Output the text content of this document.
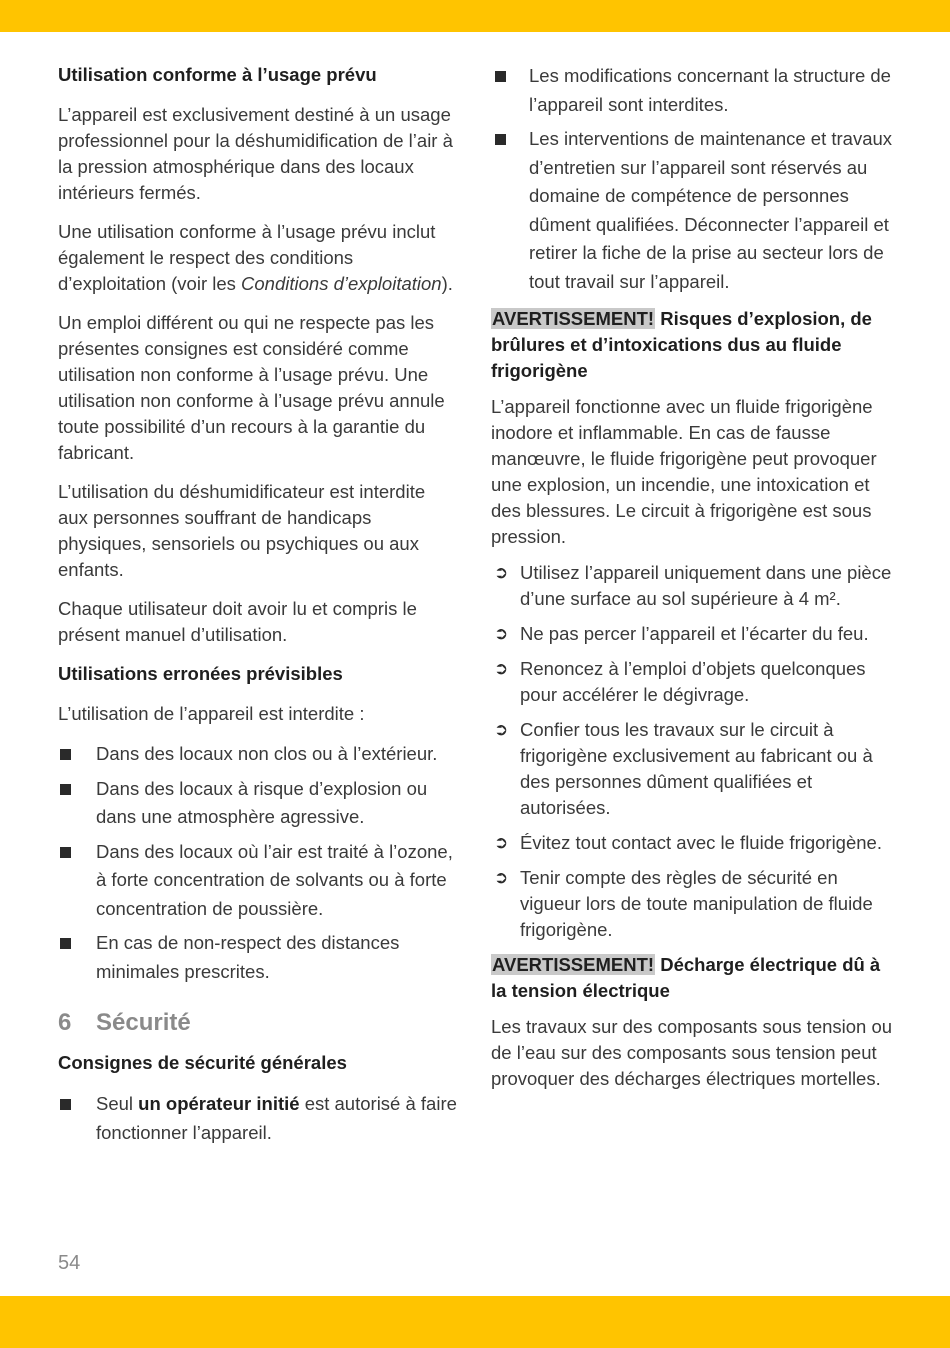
Utilisation conforme à l’usage prévu

L’appareil est exclusivement destiné à un usage professionnel pour la déshumidification de l’air à la pression atmosphérique dans des locaux intérieurs fermés.

Une utilisation conforme à l’usage prévu inclut également le respect des conditions d’exploitation (voir les Conditions d’exploitation).

Un emploi différent ou qui ne respecte pas les présentes consignes est considéré comme utilisation non conforme à l’usage prévu. Une utilisation non conforme à l’usage prévu annule toute possibilité d’un recours à la garantie du fabricant.

L’utilisation du déshumidificateur est interdite aux personnes souffrant de handicaps physiques, sensoriels ou psychiques ou aux enfants.

Chaque utilisateur doit avoir lu et compris le présent manuel d’utilisation.

Utilisations erronées prévisibles

L’utilisation de l’appareil est interdite :

Dans des locaux non clos ou à l’extérieur.
Dans des locaux à risque d’explosion ou dans une atmosphère agressive.
Dans des locaux où l’air est traité à l’ozone, à forte concentration de solvants ou à forte concentration de poussière.
En cas de non-respect des distances minimales prescrites.
6 Sécurité
Consignes de sécurité générales
Seul un opérateur initié est autorisé à faire fonctionner l’appareil.
Les modifications concernant la structure de l’appareil sont interdites.
Les interventions de maintenance et travaux d’entretien sur l’appareil sont réservés au domaine de compétence de personnes dûment qualifiées. Déconnecter l’appareil et retirer la fiche de la prise au secteur lors de tout travail sur l’appareil.
AVERTISSEMENT! Risques d’explosion, de brûlures et d’intoxications dus au fluide frigorigène

L’appareil fonctionne avec un fluide frigorigène inodore et inflammable. En cas de fausse manœuvre, le fluide frigorigène peut provoquer une explosion, un incendie, une intoxication et des blessures. Le circuit à frigorigène est sous pression.

➲ Utilisez l’appareil uniquement dans une pièce d’une surface au sol supérieure à 4 m².
➲ Ne pas percer l’appareil et l’écarter du feu.
➲ Renoncez à l’emploi d’objets quelconques pour accélérer le dégivrage.
➲ Confier tous les travaux sur le circuit à frigorigène exclusivement au fabricant ou à des personnes dûment qualifiées et autorisées.
➲ Évitez tout contact avec le fluide frigorigène.
➲ Tenir compte des règles de sécurité en vigueur lors de toute manipulation de fluide frigorigène.
AVERTISSEMENT! Décharge électrique dû à la tension électrique

Les travaux sur des composants sous tension ou de l’eau sur des composants sous tension peut provoquer des décharges électriques mortelles.

54
